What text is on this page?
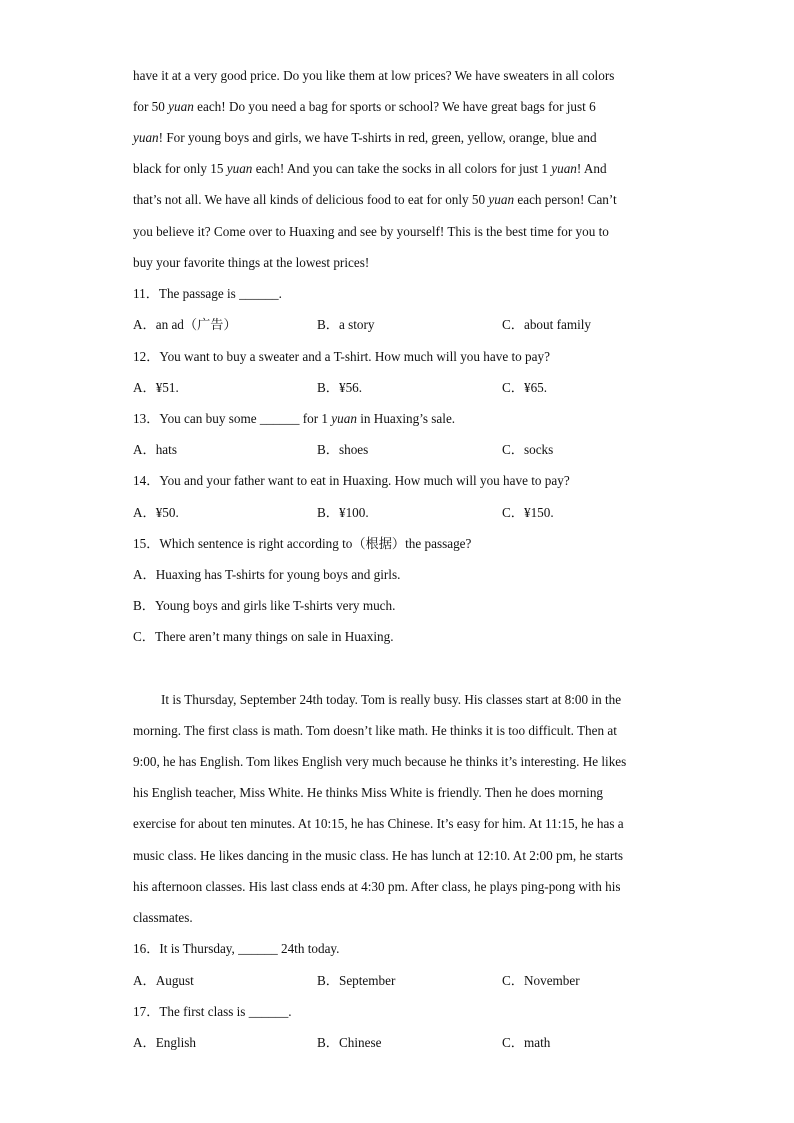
have it at a very good price. Do you like them at low prices? We have sweaters in all colors
for 50 yuan each! Do you need a bag for sports or school? We have great bags for just 6
yuan! For young boys and girls, we have T-shirts in red, green, yellow, orange, blue and
black for only 15 yuan each! And you can take the socks in all colors for just 1 yuan! And
that’s not all. We have all kinds of delicious food to eat for only 50 yuan each person! Can’t
you believe it? Come over to Huaxing and see by yourself! This is the best time for you to
buy your favorite things at the lowest prices!
11．The passage is ______.
A．an ad（广告）	B．a story	C．about family
12．You want to buy a sweater and a T-shirt. How much will you have to pay?
A．¥51.	B．¥56.	C．¥65.
13．You can buy some ______ for 1 yuan in Huaxing’s sale.
A．hats	B．shoes	C．socks
14．You and your father want to eat in Huaxing. How much will you have to pay?
A．¥50.	B．¥100.	C．¥150.
15．Which sentence is right according to（根据）the passage?
A．Huaxing has T-shirts for young boys and girls.
B．Young boys and girls like T-shirts very much.
C．There aren’t many things on sale in Huaxing.
It is Thursday, September 24th today. Tom is really busy. His classes start at 8:00 in the
morning. The first class is math. Tom doesn’t like math. He thinks it is too difficult. Then at
9:00, he has English. Tom likes English very much because he thinks it’s interesting. He likes
his English teacher, Miss White. He thinks Miss White is friendly. Then he does morning
exercise for about ten minutes. At 10:15, he has Chinese. It’s easy for him. At 11:15, he has a
music class. He likes dancing in the music class. He has lunch at 12:10. At 2:00 pm, he starts
his afternoon classes. His last class ends at 4:30 pm. After class, he plays ping-pong with his
classmates.
16．It is Thursday, ______ 24th today.
A．August	B．September	C．November
17．The first class is ______.
A．English	B．Chinese	C．math
